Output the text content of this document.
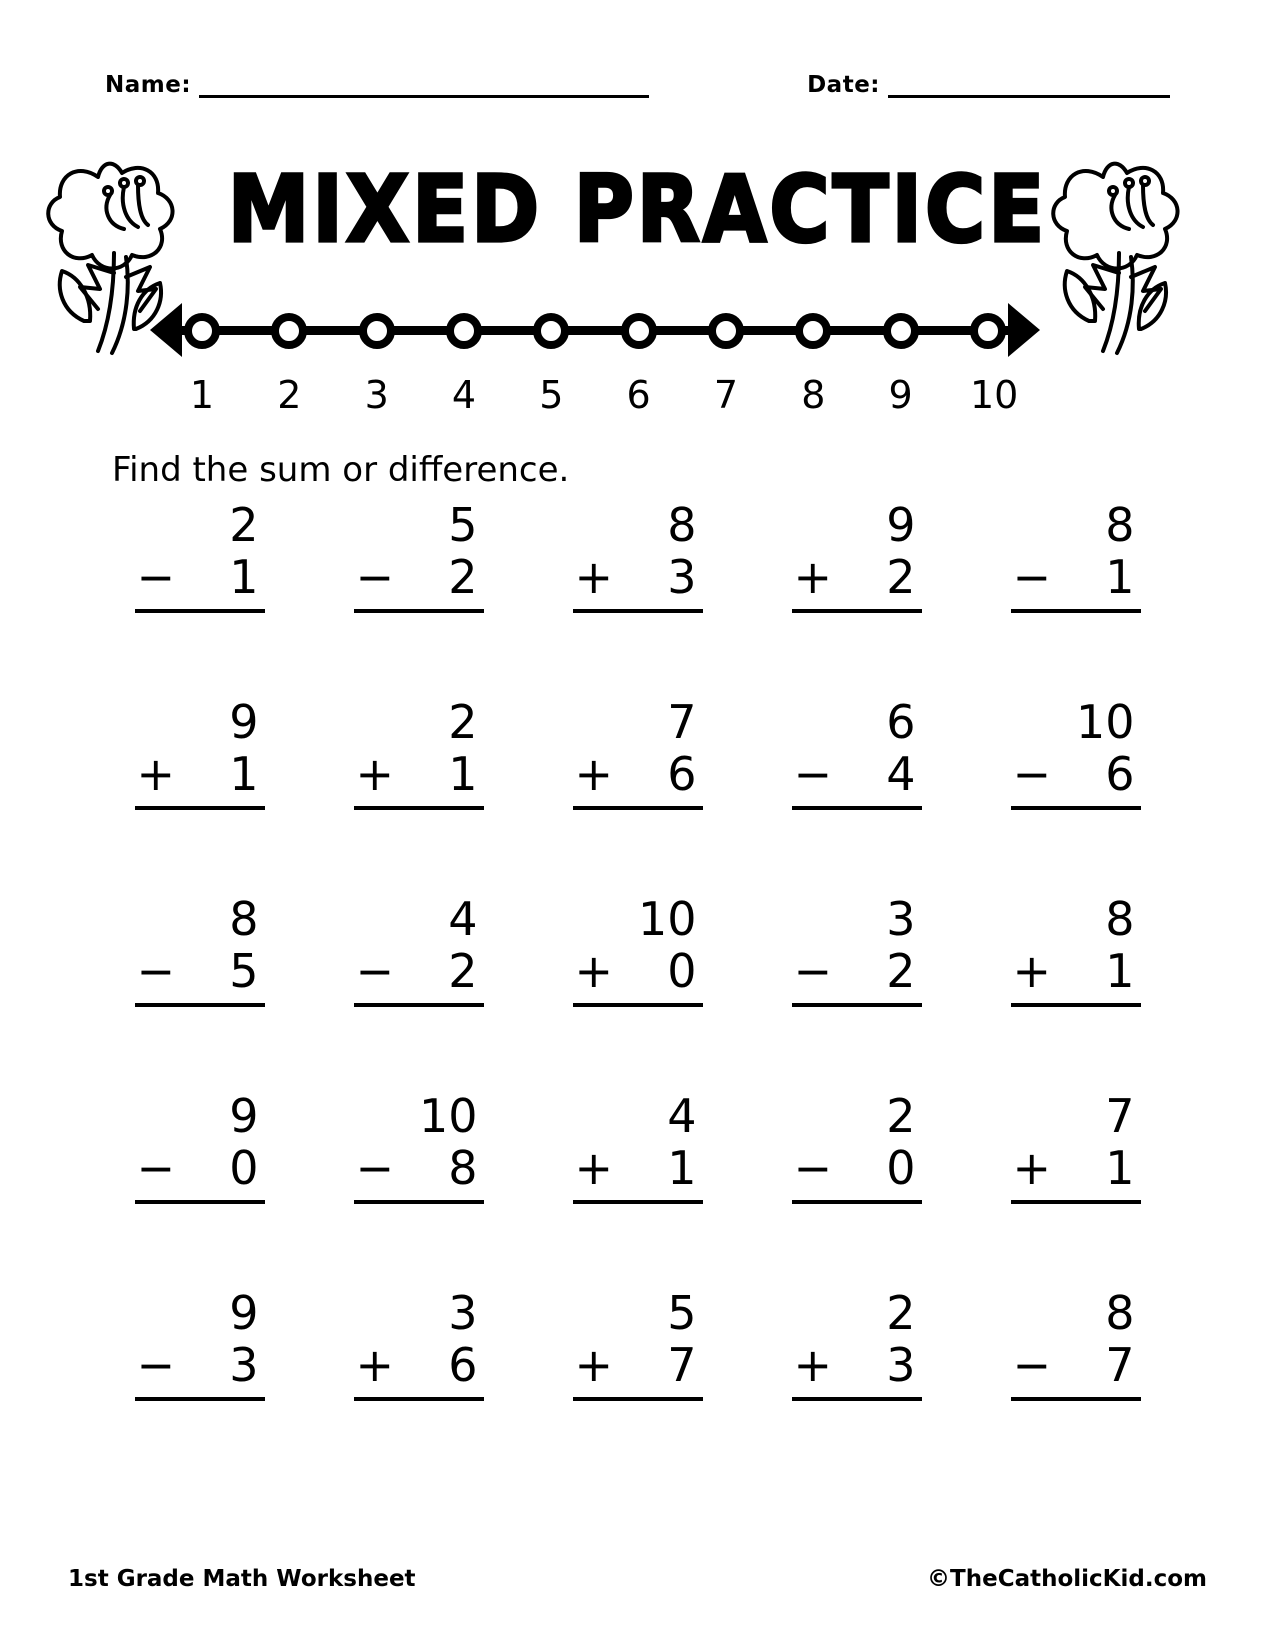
Name:	Date:
MIXED PRACTICE
1 2 3 4 5 6 7 8 9 10
Find the sum or difference.
2
− 1
5
− 2
8
+ 3
9
+ 2
8
− 1
9
+ 1
2
+ 1
7
+ 6
6
− 4
10
− 6
8
− 5
4
− 2
10
+ 0
3
− 2
8
+ 1
9
− 0
10
− 8
4
+ 1
2
− 0
7
+ 1
9
− 3
3
+ 6
5
+ 7
2
+ 3
8
− 7
1st Grade Math Worksheet	©TheCatholicKid.com
